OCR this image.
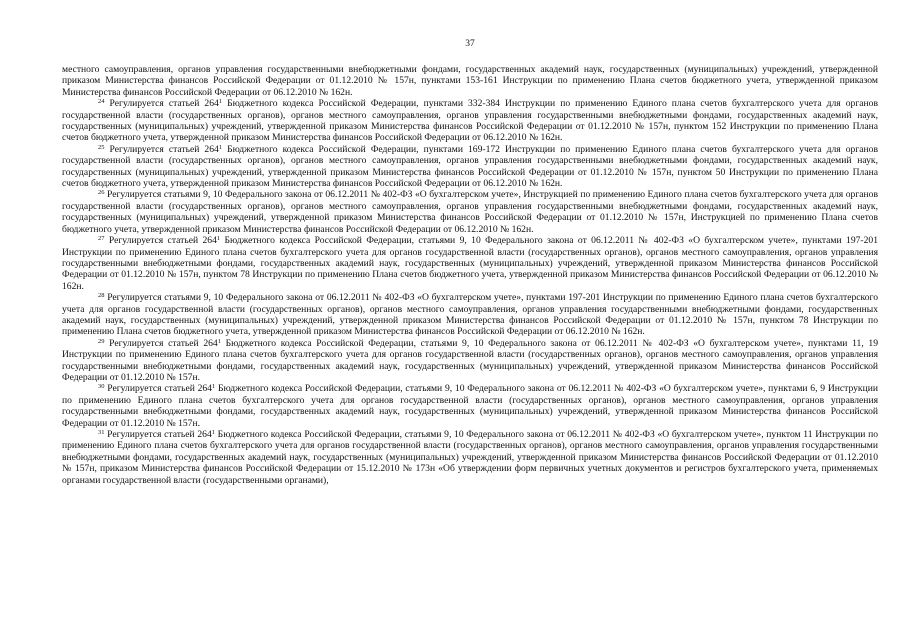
37

местного самоуправления, органов управления государственными внебюджетными фондами, государственных академий наук, государственных (муниципальных) учреждений, утвержденной приказом Министерства финансов Российской Федерации от 01.12.2010 № 157н, пунктами 153-161 Инструкции по применению Плана счетов бюджетного учета, утвержденной приказом Министерства финансов Российской Федерации от 06.12.2010 № 162н.

$^{24}$ Регулируется статьей $264^1$ Бюджетного кодекса Российской Федерации, пунктами 332-384 Инструкции по применению Единого плана счетов бухгалтерского учета для органов государственной власти (государственных органов), органов местного самоуправления, органов управления государственными внебюджетными фондами, государственных академий наук, государственных (муниципальных) учреждений, утвержденной приказом Министерства финансов Российской Федерации от 01.12.2010 № 157н, пунктом 152 Инструкции по применению Плана счетов бюджетного учета, утвержденной приказом Министерства финансов Российской Федерации от 06.12.2010 № 162н.

$^{25}$ Регулируется статьей $264^1$ Бюджетного кодекса Российской Федерации, пунктами 169-172 Инструкции по применению Единого плана счетов бухгалтерского учета для органов государственной власти (государственных органов), органов местного самоуправления, органов управления государственными внебюджетными фондами, государственных академий наук, государственных (муниципальных) учреждений, утвержденной приказом Министерства финансов Российской Федерации от 01.12.2010 № 157н, пунктом 50 Инструкции по применению Плана счетов бюджетного учета, утвержденной приказом Министерства финансов Российской Федерации от 06.12.2010 № 162н.

$^{26}$ Регулируется статьями 9, 10 Федерального закона от 06.12.2011 № 402-ФЗ «О бухгалтерском учете», Инструкцией по применению Единого плана счетов бухгалтерского учета для органов государственной власти (государственных органов), органов местного самоуправления, органов управления государственными внебюджетными фондами, государственных академий наук, государственных (муниципальных) учреждений, утвержденной приказом Министерства финансов Российской Федерации от 01.12.2010 № 157н, Инструкцией по применению Плана счетов бюджетного учета, утвержденной приказом Министерства финансов Российской Федерации от 06.12.2010 № 162н.

$^{27}$ Регулируется статьей $264^1$ Бюджетного кодекса Российской Федерации, статьями 9, 10 Федерального закона от 06.12.2011 № 402-ФЗ «О бухгалтерском учете», пунктами 197-201 Инструкции по применению Единого плана счетов бухгалтерского учета для органов государственной власти (государственных органов), органов местного самоуправления, органов управления государственными внебюджетными фондами, государственных академий наук, государственных (муниципальных) учреждений, утвержденной приказом Министерства финансов Российской Федерации от 01.12.2010 № 157н, пунктом 78 Инструкции по применению Плана счетов бюджетного учета, утвержденной приказом Министерства финансов Российской Федерации от 06.12.2010 № 162н.

$^{28}$ Регулируется статьями 9, 10 Федерального закона от 06.12.2011 № 402-ФЗ «О бухгалтерском учете», пунктами 197-201 Инструкции по применению Единого плана счетов бухгалтерского учета для органов государственной власти (государственных органов), органов местного самоуправления, органов управления государственными внебюджетными фондами, государственных академий наук, государственных (муниципальных) учреждений, утвержденной приказом Министерства финансов Российской Федерации от 01.12.2010 № 157н, пунктом 78 Инструкции по применению Плана счетов бюджетного учета, утвержденной приказом Министерства финансов Российской Федерации от 06.12.2010 № 162н.

$^{29}$ Регулируется статьей $264^1$ Бюджетного кодекса Российской Федерации, статьями 9, 10 Федерального закона от 06.12.2011 № 402-ФЗ «О бухгалтерском учете», пунктами 11, 19 Инструкции по применению Единого плана счетов бухгалтерского учета для органов государственной власти (государственных органов), органов местного самоуправления, органов управления государственными внебюджетными фондами, государственных академий наук, государственных (муниципальных) учреждений, утвержденной приказом Министерства финансов Российской Федерации от 01.12.2010 № 157н.

$^{30}$ Регулируется статьей $264^1$ Бюджетного кодекса Российской Федерации, статьями 9, 10 Федерального закона от 06.12.2011 № 402-ФЗ «О бухгалтерском учете», пунктами 6, 9 Инструкции по применению Единого плана счетов бухгалтерского учета для органов государственной власти (государственных органов), органов местного самоуправления, органов управления государственными внебюджетными фондами, государственных академий наук, государственных (муниципальных) учреждений, утвержденной приказом Министерства финансов Российской Федерации от 01.12.2010 № 157н.

$^{31}$ Регулируется статьей $264^1$ Бюджетного кодекса Российской Федерации, статьями 9, 10 Федерального закона от 06.12.2011 № 402-ФЗ «О бухгалтерском учете», пунктом 11 Инструкции по применению Единого плана счетов бухгалтерского учета для органов государственной власти (государственных органов), органов местного самоуправления, органов управления государственными внебюджетными фондами, государственных академий наук, государственных (муниципальных) учреждений, утвержденной приказом Министерства финансов Российской Федерации от 01.12.2010 № 157н, приказом Министерства финансов Российской Федерации от 15.12.2010 № 173н «Об утверждении форм первичных учетных документов и регистров бухгалтерского учета, применяемых органами государственной власти (государственными органами),
